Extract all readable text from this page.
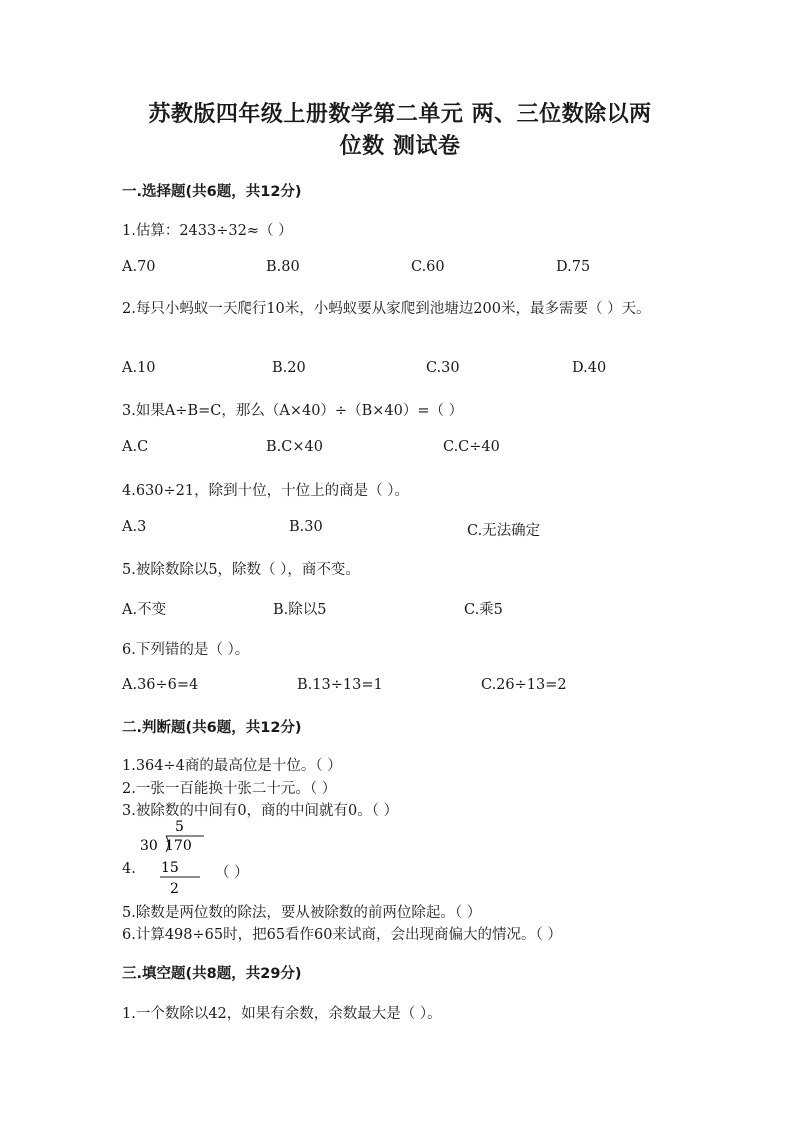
苏教版四年级上册数学第二单元 两、三位数除以两
位数 测试卷
一.选择题(共6题，共12分)
1.估算：2433÷32≈（ ）
A.70	B.80	C.60	D.75
2.每只小蚂蚁一天爬行10米，小蚂蚁要从家爬到池塘边200米，最多需要（ ）天。
A.10	B.20	C.30	D.40
3.如果A÷B=C，那么（A×40）÷（B×40）=（ ）
A.C	B.C×40	C.C÷40
4.630÷21，除到十位，十位上的商是（ ）。
A.3	B.30	C.无法确定
5.被除数除以5，除数（ ），商不变。
A.不变	B.除以5	C.乘5
6.下列错的是（ ）。
A.36÷6=4	B.13÷13=1	C.26÷13=2
二.判断题(共6题，共12分)
1.364÷4商的最高位是十位。（ ）
2.一张一百能换十张二十元。（ ）
3.被除数的中间有0，商的中间就有0。（ ）
4.
5
30 170
15
2
（ ）
5.除数是两位数的除法，要从被除数的前两位除起。（ ）
6.计算498÷65时，把65看作60来试商，会出现商偏大的情况。（ ）
三.填空题(共8题，共29分)
1.一个数除以42，如果有余数，余数最大是（ ）。
